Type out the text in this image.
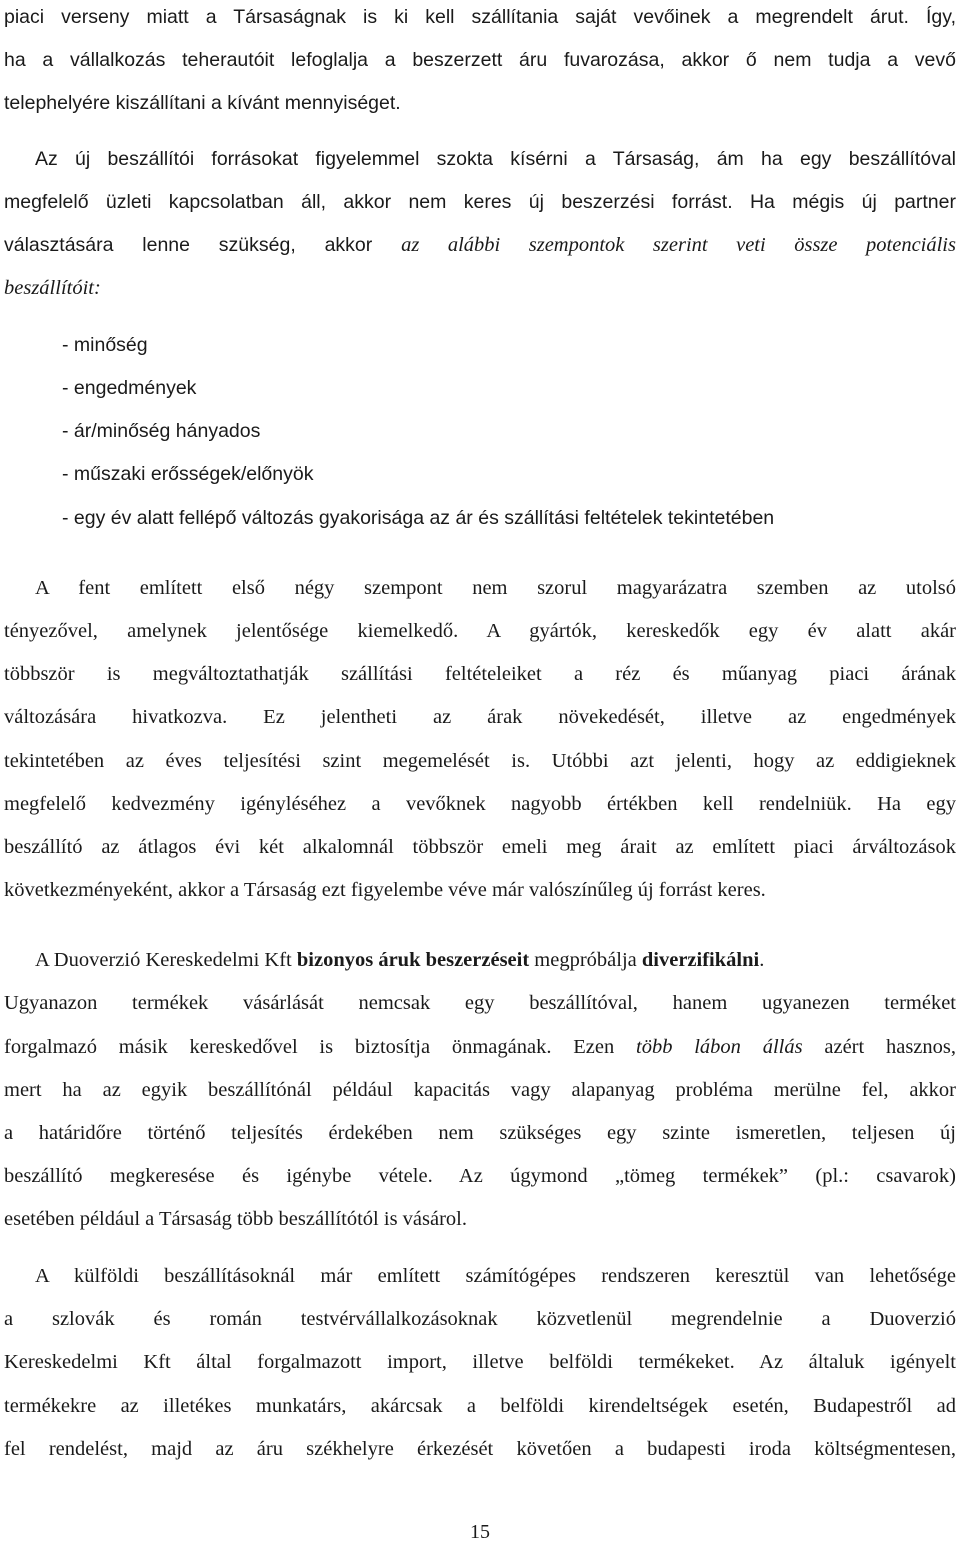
piaci verseny miatt a Társaságnak is ki kell szállítania saját vevőinek a megrendelt árut. Így,
ha a vállalkozás teherautóit lefoglalja a beszerzett áru fuvarozása, akkor ő nem tudja a vevő
telephelyére kiszállítani a kívánt mennyiséget.
Az új beszállítói forrásokat figyelemmel szokta kísérni a Társaság, ám ha egy beszállítóval
megfelelő üzleti kapcsolatban áll, akkor nem keres új beszerzési forrást. Ha mégis új partner
választására lenne szükség, akkor az alábbi szempontok szerint veti össze potenciális
beszállítóit:
- minőség
- engedmények
- ár/minőség hányados
- műszaki erősségek/előnyök
- egy év alatt fellépő változás gyakorisága az ár és szállítási feltételek tekintetében
A fent említett első négy szempont nem szorul magyarázatra szemben az utolsó
tényezővel, amelynek jelentősége kiemelkedő. A gyártók, kereskedők egy év alatt akár
többször is megváltoztathatják szállítási feltételeiket a réz és műanyag piaci árának
változására hivatkozva. Ez jelentheti az árak növekedését, illetve az engedmények
tekintetében az éves teljesítési szint megemelését is. Utóbbi azt jelenti, hogy az eddigieknek
megfelelő kedvezmény igényléséhez a vevőknek nagyobb értékben kell rendelniük. Ha egy
beszállító az átlagos évi két alkalomnál többször emeli meg árait az említett piaci árváltozások
következményeként, akkor a Társaság ezt figyelembe véve már valószínűleg új forrást keres.
A Duoverzió Kereskedelmi Kft bizonyos áruk beszerzéseit megpróbálja diverzifikálni.
Ugyanazon termékek vásárlását nemcsak egy beszállítóval, hanem ugyanezen terméket
forgalmazó másik kereskedővel is biztosítja önmagának. Ezen több lábon állás azért hasznos,
mert ha az egyik beszállítónál például kapacitás vagy alapanyag probléma merülne fel, akkor
a határidőre történő teljesítés érdekében nem szükséges egy szinte ismeretlen, teljesen új
beszállító megkeresése és igénybe vétele. Az úgymond „tömeg termékek” (pl.: csavarok)
esetében például a Társaság több beszállítótól is vásárol.
A külföldi beszállításoknál már említett számítógépes rendszeren keresztül van lehetősége
a szlovák és román testvérvállalkozásoknak közvetlenül megrendelnie a Duoverzió
Kereskedelmi Kft által forgalmazott import, illetve belföldi termékeket. Az általuk igényelt
termékekre az illetékes munkatárs, akárcsak a belföldi kirendeltségek esetén, Budapestről ad
fel rendelést, majd az áru székhelyre érkezését követően a budapesti iroda költségmentesen,
15
